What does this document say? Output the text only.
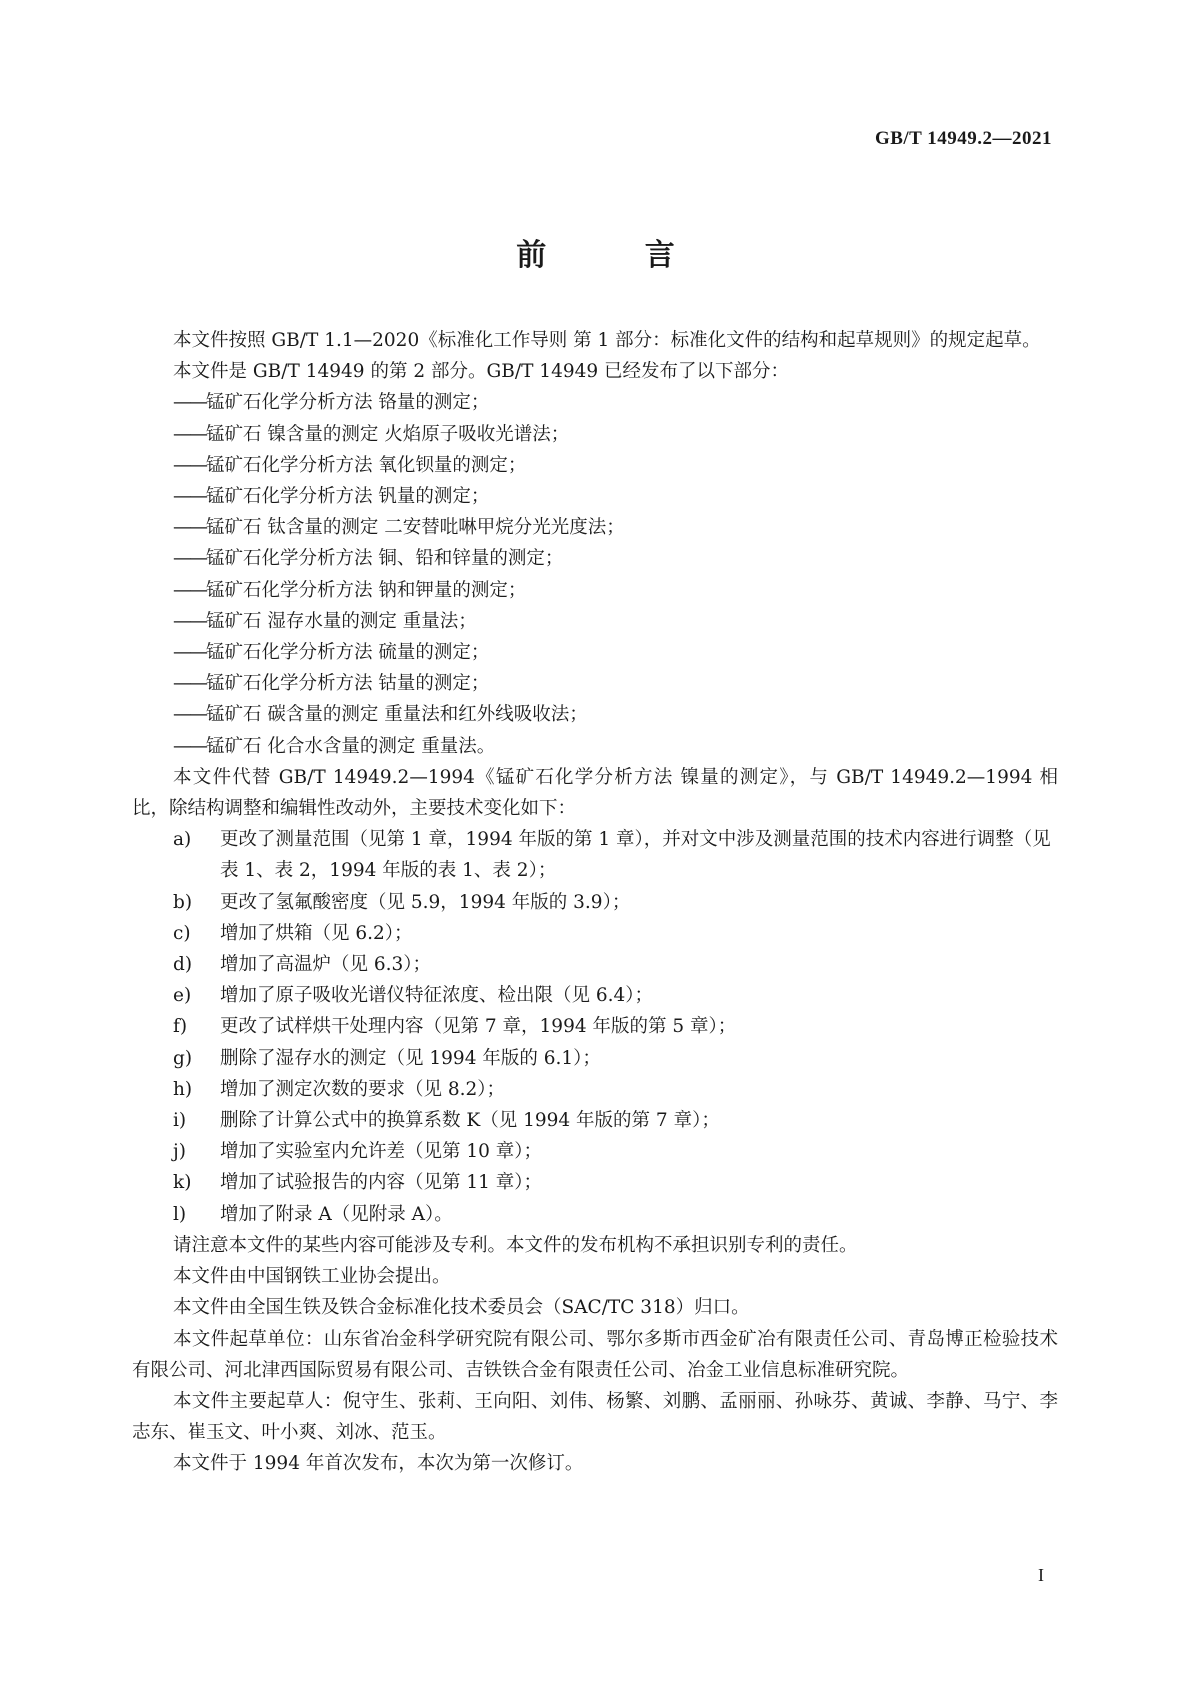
GB/T 14949.2—2021
前 言

本文件按照 GB/T 1.1—2020《标准化工作导则 第 1 部分：标准化文件的结构和起草规则》的规定起草。

本文件是 GB/T 14949 的第 2 部分。GB/T 14949 已经发布了以下部分：

——锰矿石化学分析方法 铬量的测定；

——锰矿石 镍含量的测定 火焰原子吸收光谱法；

——锰矿石化学分析方法 氧化钡量的测定；

——锰矿石化学分析方法 钒量的测定；

——锰矿石 钛含量的测定 二安替吡啉甲烷分光光度法；

——锰矿石化学分析方法 铜、铅和锌量的测定；

——锰矿石化学分析方法 钠和钾量的测定；

——锰矿石 湿存水量的测定 重量法；

——锰矿石化学分析方法 硫量的测定；

——锰矿石化学分析方法 钴量的测定；

——锰矿石 碳含量的测定 重量法和红外线吸收法；

——锰矿石 化合水含量的测定 重量法。

本文件代替 GB/T 14949.2—1994《锰矿石化学分析方法 镍量的测定》，与 GB/T 14949.2—1994 相比，除结构调整和编辑性改动外，主要技术变化如下：

a)	更改了测量范围（见第 1 章，1994 年版的第 1 章），并对文中涉及测量范围的技术内容进行调整（见表 1、表 2，1994 年版的表 1、表 2）；

b)	更改了氢氟酸密度（见 5.9，1994 年版的 3.9）；

c)	增加了烘箱（见 6.2）；

d)	增加了高温炉（见 6.3）；

e)	增加了原子吸收光谱仪特征浓度、检出限（见 6.4）；

f)	更改了试样烘干处理内容（见第 7 章，1994 年版的第 5 章）；

g)	删除了湿存水的测定（见 1994 年版的 6.1）；

h)	增加了测定次数的要求（见 8.2）；

i)	删除了计算公式中的换算系数 K（见 1994 年版的第 7 章）；

j)	增加了实验室内允许差（见第 10 章）；

k)	增加了试验报告的内容（见第 11 章）；

l)	增加了附录 A（见附录 A）。

请注意本文件的某些内容可能涉及专利。本文件的发布机构不承担识别专利的责任。

本文件由中国钢铁工业协会提出。

本文件由全国生铁及铁合金标准化技术委员会（SAC/TC 318）归口。

本文件起草单位：山东省冶金科学研究院有限公司、鄂尔多斯市西金矿冶有限责任公司、青岛博正检验技术有限公司、河北津西国际贸易有限公司、吉铁铁合金有限责任公司、冶金工业信息标准研究院。

本文件主要起草人：倪守生、张莉、王向阳、刘伟、杨繁、刘鹏、孟丽丽、孙咏芬、黄诚、李静、马宁、李志东、崔玉文、叶小爽、刘冰、范玉。

本文件于 1994 年首次发布，本次为第一次修订。

I
